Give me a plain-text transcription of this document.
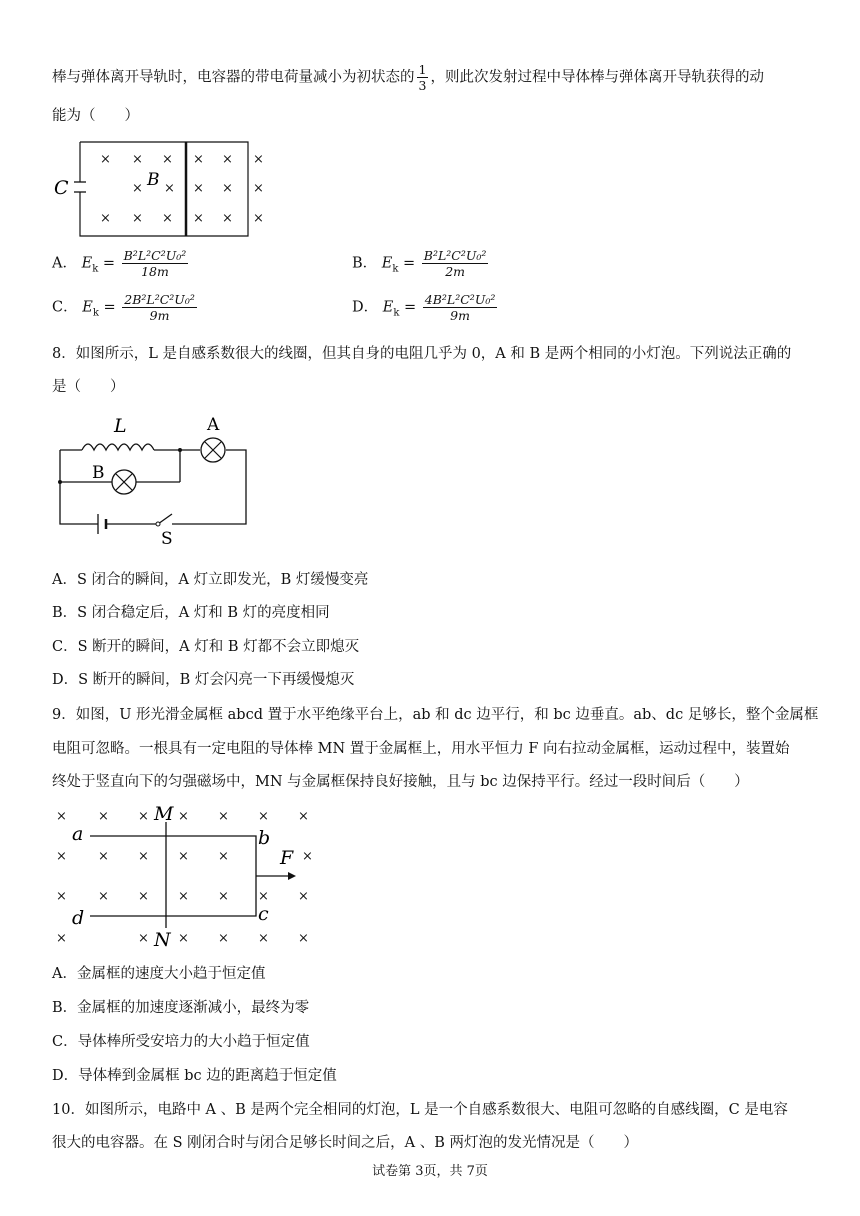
棒与弹体离开导轨时，电容器的带电荷量减小为初状态的 $\frac{1}{3}$ ，则此次发射过程中导体棒与弹体离开导轨获得的动
能为（　　）
C	B
× × × × × ×
× × × × ×
× × × × × ×
A． $E_k = \frac{\text{B²L²C²U₀²}}{18m}$	B． $E_k = \frac{\text{B²L²C²U₀²}}{2m}$
C． $E_k = \frac{\text{2B²L²C²U₀²}}{9m}$	D． $E_k = \frac{\text{4B²L²C²U₀²}}{9m}$
8．如图所示，L 是自感系数很大的线圈，但其自身的电阻几乎为 0，A 和 B 是两个相同的小灯泡。下列说法正确的
是（　　）
L	A
B
S
A．S 闭合的瞬间，A 灯立即发光，B 灯缓慢变亮
B．S 闭合稳定后，A 灯和 B 灯的亮度相同
C．S 断开的瞬间，A 灯和 B 灯都不会立即熄灭
D．S 断开的瞬间，B 灯会闪亮一下再缓慢熄灭
9．如图，U 形光滑金属框 abcd 置于水平绝缘平台上，ab 和 dc 边平行，和 bc 边垂直。ab、dc 足够长，整个金属框
电阻可忽略。一根具有一定电阻的导体棒 MN 置于金属框上，用水平恒力 F 向右拉动金属框，运动过程中，装置始
终处于竖直向下的匀强磁场中，MN 与金属框保持良好接触，且与 bc 边保持平行。经过一段时间后（　　）
M
N
a	b
c
d
F
× × × × × × ×
× × × × ×	×
× × × × × × ×
×	× × × × ×
A．金属框的速度大小趋于恒定值
B．金属框的加速度逐渐减小，最终为零
C．导体棒所受安培力的大小趋于恒定值
D．导体棒到金属框 bc 边的距离趋于恒定值
10．如图所示，电路中 A 、B 是两个完全相同的灯泡，L 是一个自感系数很大、电阻可忽略的自感线圈，C 是电容
很大的电容器。在 S 刚闭合时与闭合足够长时间之后，A 、B 两灯泡的发光情况是（　　）
试卷第 3页，共 7页
